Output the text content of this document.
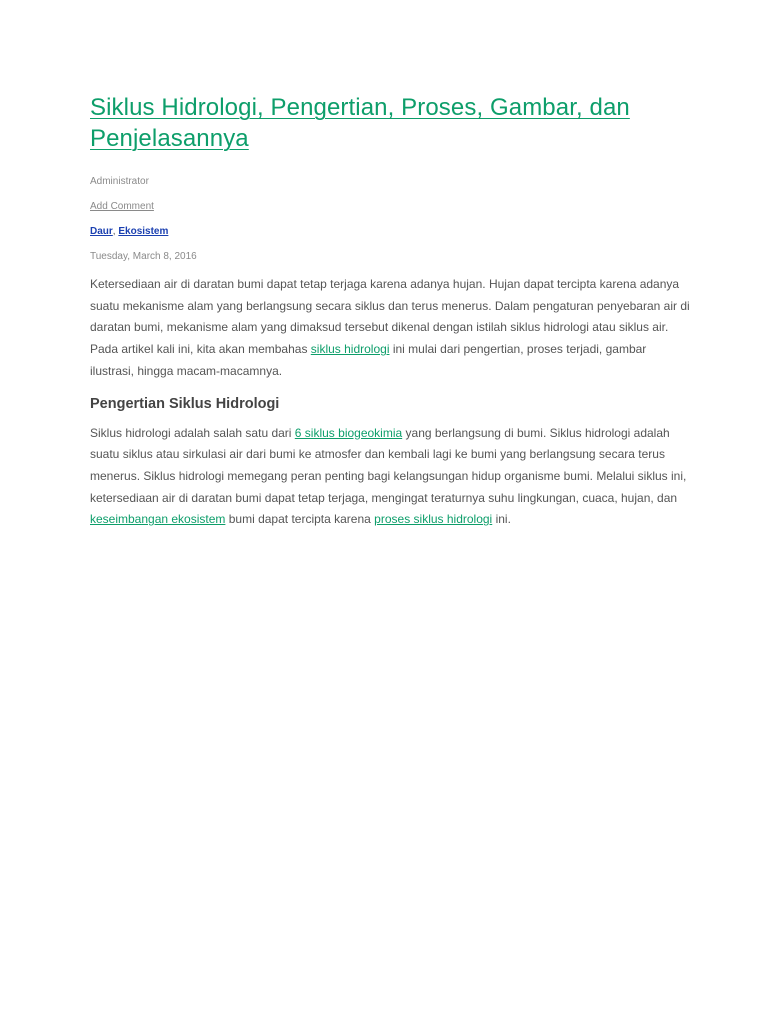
Siklus Hidrologi, Pengertian, Proses, Gambar, dan Penjelasannya
Administrator
Add Comment
Daur, Ekosistem
Tuesday, March 8, 2016

Ketersediaan air di daratan bumi dapat tetap terjaga karena adanya hujan. Hujan dapat tercipta karena adanya suatu mekanisme alam yang berlangsung secara siklus dan terus menerus. Dalam pengaturan penyebaran air di daratan bumi, mekanisme alam yang dimaksud tersebut dikenal dengan istilah siklus hidrologi atau siklus air. Pada artikel kali ini, kita akan membahas siklus hidrologi ini mulai dari pengertian, proses terjadi, gambar ilustrasi, hingga macam-macamnya.

Pengertian Siklus Hidrologi

Siklus hidrologi adalah salah satu dari 6 siklus biogeokimia yang berlangsung di bumi. Siklus hidrologi adalah suatu siklus atau sirkulasi air dari bumi ke atmosfer dan kembali lagi ke bumi yang berlangsung secara terus menerus. Siklus hidrologi memegang peran penting bagi kelangsungan hidup organisme bumi. Melalui siklus ini, ketersediaan air di daratan bumi dapat tetap terjaga, mengingat teraturnya suhu lingkungan, cuaca, hujan, dan keseimbangan ekosistem bumi dapat tercipta karena proses siklus hidrologi ini.
